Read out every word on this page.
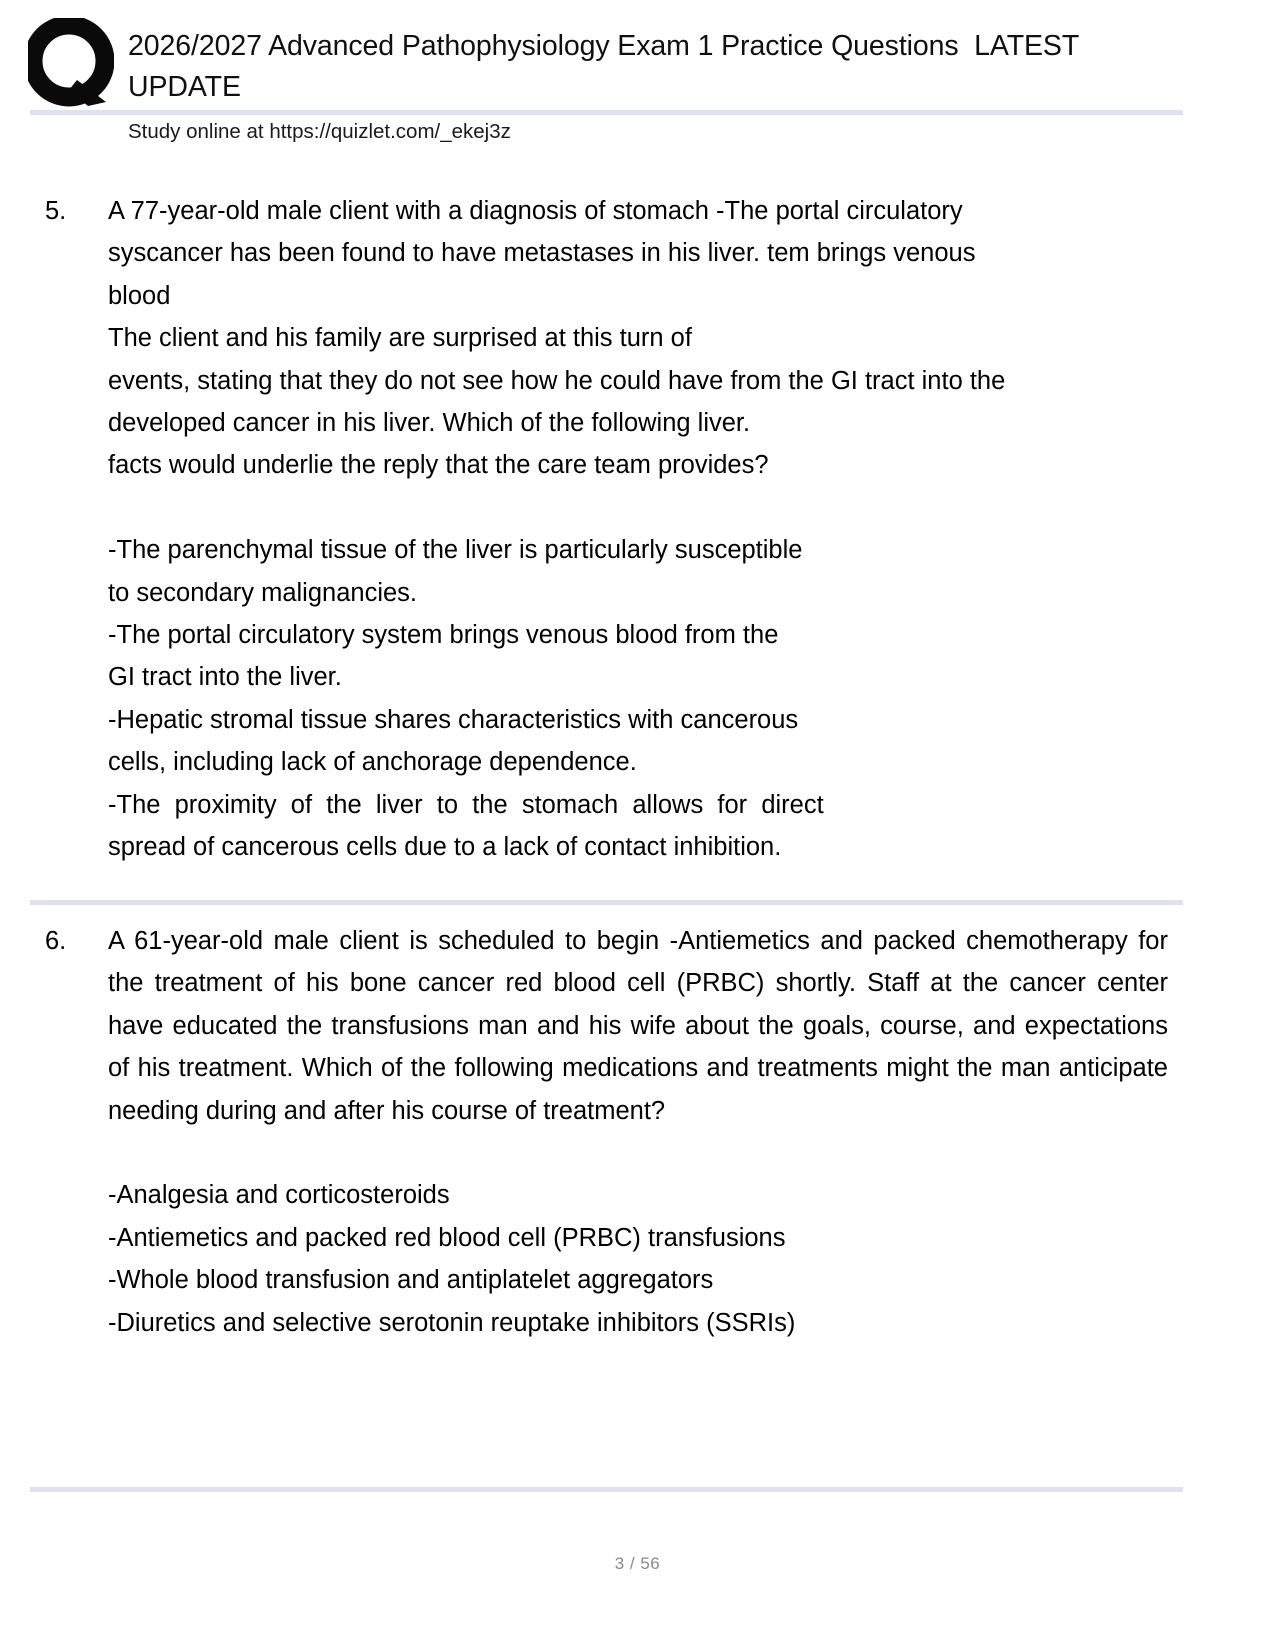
2026/2027 Advanced Pathophysiology Exam 1 Practice Questions  LATEST UPDATE
Study online at https://quizlet.com/_ekej3z
5.	A 77-year-old male client with a diagnosis of stomach -The portal circulatory

syscancer has been found to have metastases in his liver. tem brings venous

blood

The client and his family are surprised at this turn of

events, stating that they do not see how he could have from the GI tract into the

developed cancer in his liver. Which of the following liver.

facts would underlie the reply that the care team provides?

-The parenchymal tissue of the liver is particularly susceptible

to secondary malignancies.

-The portal circulatory system brings venous blood from the

GI tract into the liver.

-Hepatic stromal tissue shares characteristics with cancerous

cells, including lack of anchorage dependence.

-The  proximity  of  the  liver  to  the  stomach  allows  for  direct

spread of cancerous cells due to a lack of contact inhibition.

6.	A 61-year-old male client is scheduled to begin -Antiemetics and packed chemotherapy for the treatment of his bone cancer red blood cell (PRBC) shortly. Staff at the cancer center have educated the transfusions man and his wife about the goals, course, and expectations of his treatment. Which of the following medications and treatments might the man anticipate needing during and after his course of treatment?

-Analgesia and corticosteroids

-Antiemetics and packed red blood cell (PRBC) transfusions

-Whole blood transfusion and antiplatelet aggregators

-Diuretics and selective serotonin reuptake inhibitors (SSRIs)

3 / 56
